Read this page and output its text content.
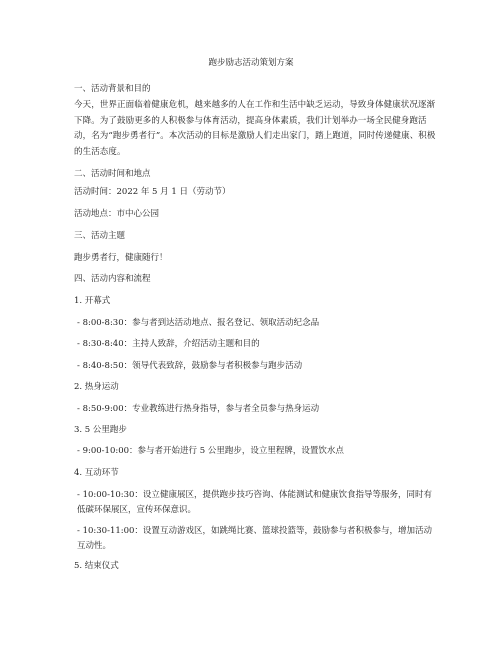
跑步励志活动策划方案
一、活动背景和目的
今天，世界正面临着健康危机，越来越多的人在工作和生活中缺乏运动，导致身体健康状况逐渐下降。为了鼓励更多的人积极参与体育活动，提高身体素质，我们计划举办一场全民健身跑活动，名为“跑步勇者行”。本次活动的目标是激励人们走出家门，踏上跑道，同时传递健康、积极的生活态度。
二、活动时间和地点
活动时间：2022 年 5 月 1 日（劳动节）
活动地点：市中心公园
三、活动主题
跑步勇者行，健康随行！
四、活动内容和流程
1. 开幕式
- 8:00-8:30：参与者到达活动地点、报名登记、领取活动纪念品
- 8:30-8:40：主持人致辞，介绍活动主题和目的
- 8:40-8:50：领导代表致辞，鼓励参与者积极参与跑步活动
2. 热身运动
- 8:50-9:00：专业教练进行热身指导，参与者全员参与热身运动
3. 5 公里跑步
- 9:00-10:00：参与者开始进行 5 公里跑步，设立里程牌，设置饮水点
4. 互动环节
- 10:00-10:30：设立健康展区，提供跑步技巧咨询、体能测试和健康饮食指导等服务，同时有低碳环保展区，宣传环保意识。
- 10:30-11:00：设置互动游戏区，如跳绳比赛、篮球投篮等，鼓励参与者积极参与，增加活动互动性。
5. 结束仪式
